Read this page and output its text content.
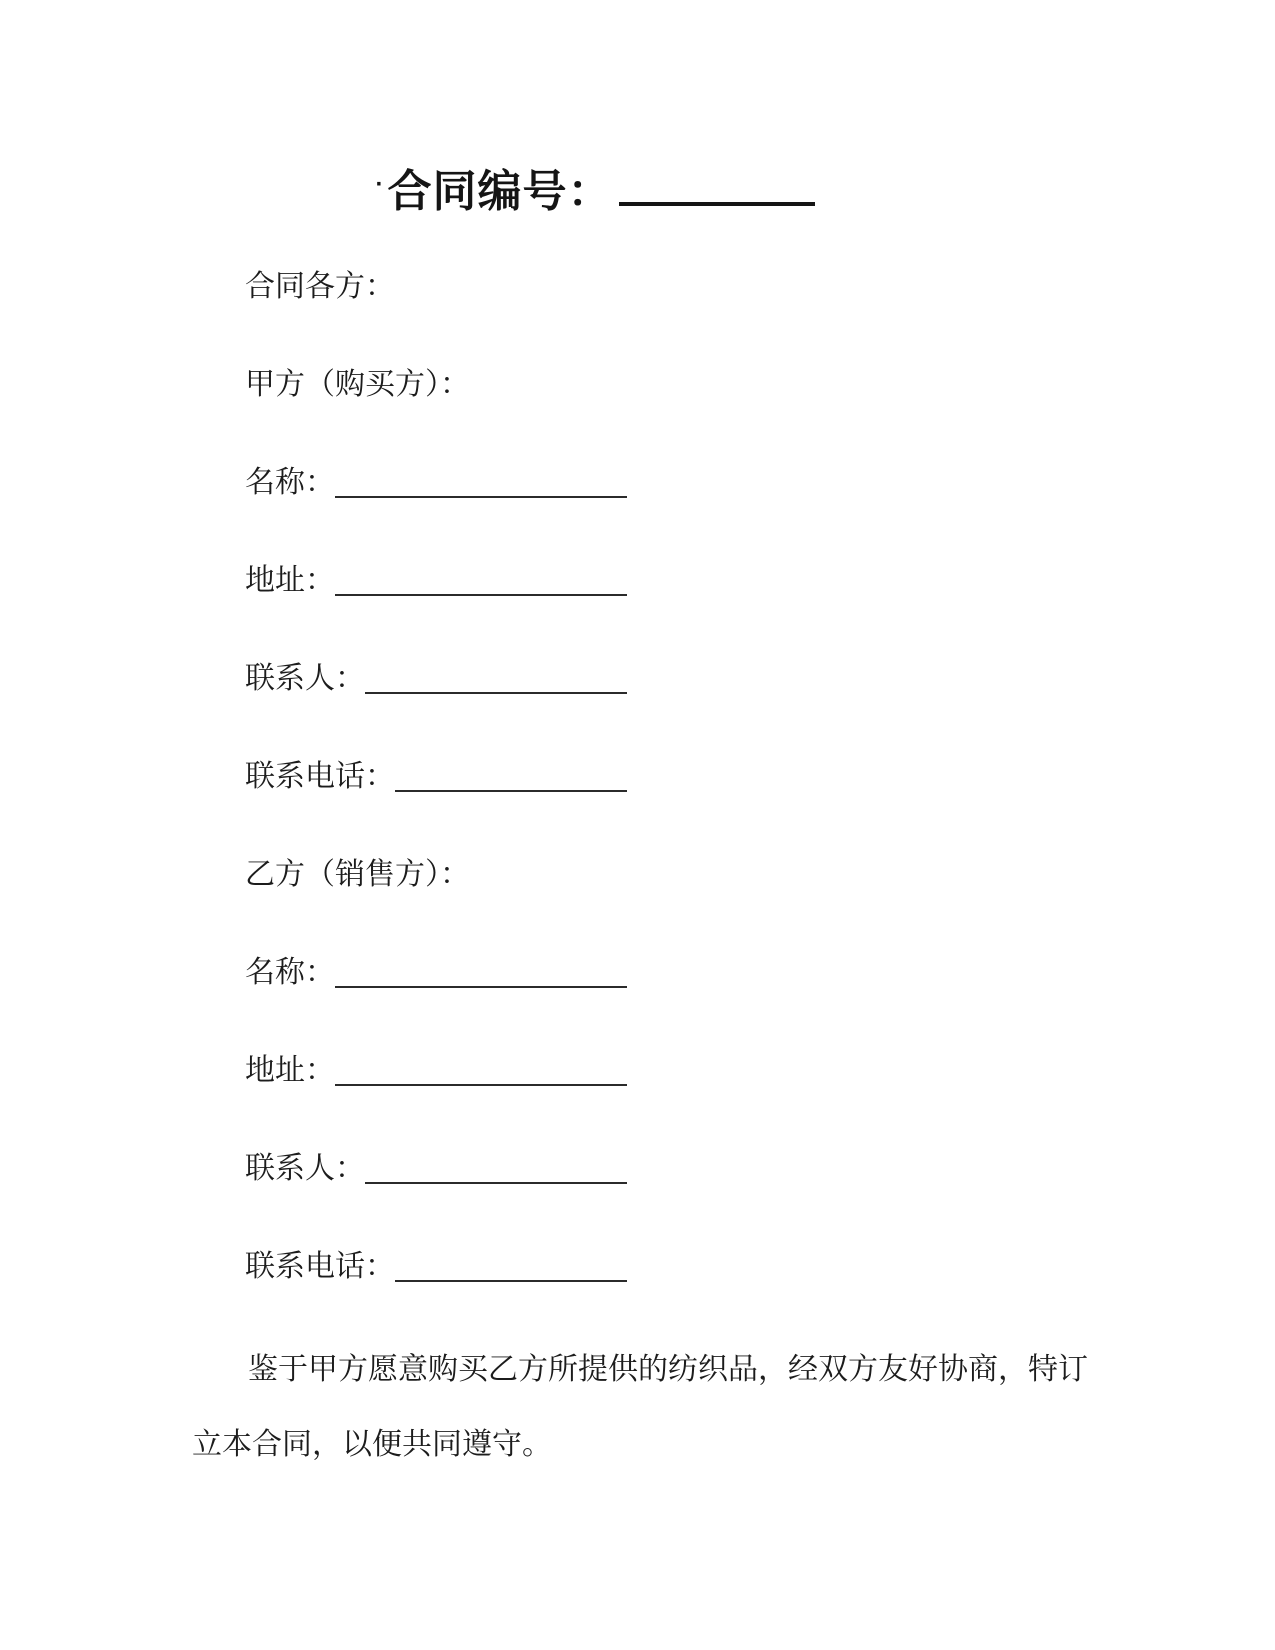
·合同编号：
合同各方：
甲方（购买方）：
名称：
地址：
联系人：
联系电话：
乙方（销售方）：
名称：
地址：
联系人：
联系电话：

鉴于甲方愿意购买乙方所提供的纺织品，经双方友好协商，特订立本合同，以便共同遵守。
